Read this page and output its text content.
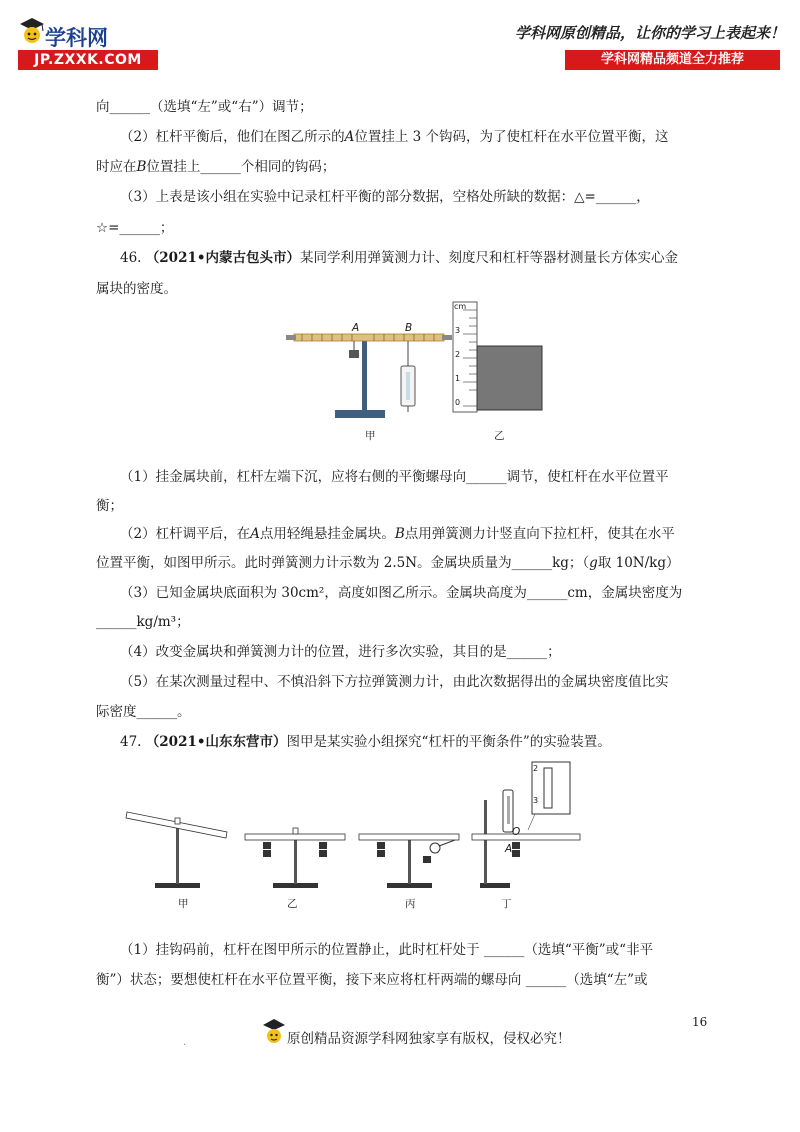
学科网
JP.ZXXK.COM
学科网原创精品，让你的学习上表起来！
学科网精品频道全力推荐
向______（选填“左”或“右”）调节；
（2）杠杆平衡后，他们在图乙所示的A位置挂上 3 个钩码，为了使杠杆在水平位置平衡，这
时应在B位置挂上______个相同的钩码；
（3）上表是该小组在实验中记录杠杆平衡的部分数据，空格处所缺的数据：△=______，
☆=______；
46. （2021•内蒙古包头市）某同学利用弹簧测力计、刻度尺和杠杆等器材测量长方体实心金
属块的密度。
A	B
cm
3
2
1
0
甲	乙
（1）挂金属块前，杠杆左端下沉，应将右侧的平衡螺母向______调节，使杠杆在水平位置平
衡；
（2）杠杆调平后，在A点用轻绳悬挂金属块。B点用弹簧测力计竖直向下拉杠杆，使其在水平
位置平衡，如图甲所示。此时弹簧测力计示数为 2.5N。金属块质量为______kg；（g取 10N/kg）
（3）已知金属块底面积为 30cm²，高度如图乙所示。金属块高度为______cm，金属块密度为
______kg/m³；
（4）改变金属块和弹簧测力计的位置，进行多次实验，其目的是______；
（5）在某次测量过程中、不慎沿斜下方拉弹簧测力计，由此次数据得出的金属块密度值比实
际密度______。
47. （2021•山东东营市）图甲是某实验小组探究“杠杆的平衡条件”的实验装置。
O
A
2
3
甲	乙	丙	丁
（1）挂钩码前，杠杆在图甲所示的位置静止，此时杠杆处于 ______（选填“平衡”或“非平
衡”）状态；要想使杠杆在水平位置平衡，接下来应将杠杆两端的螺母向 ______（选填“左”或
16
.	原创精品资源学科网独家享有版权，侵权必究！
